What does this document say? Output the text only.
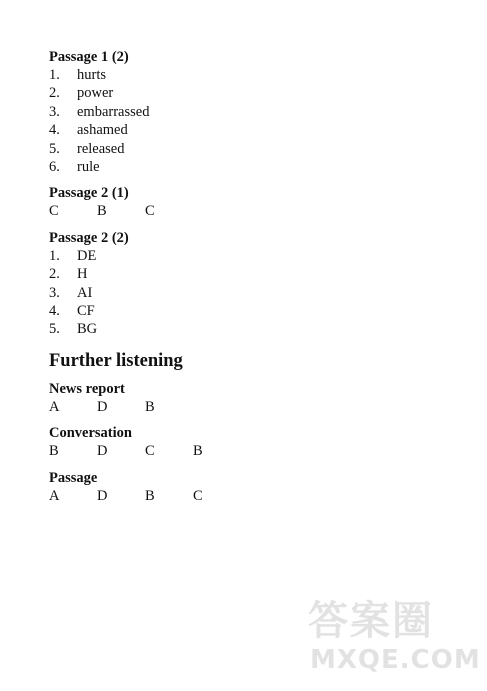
Passage 1 (2)

1.	hurts
2.	power
3.	embarrassed
4.	ashamed
5.	released
6.	rule

Passage 2 (1)

C	B	C

Passage 2 (2)

1.	DE
2.	H
3.	AI
4.	CF
5.	BG

Further listening

News report

A	D	B

Conversation

B	D	C	B

Passage

A	D	B	C
答案圈
MXQE.COM
